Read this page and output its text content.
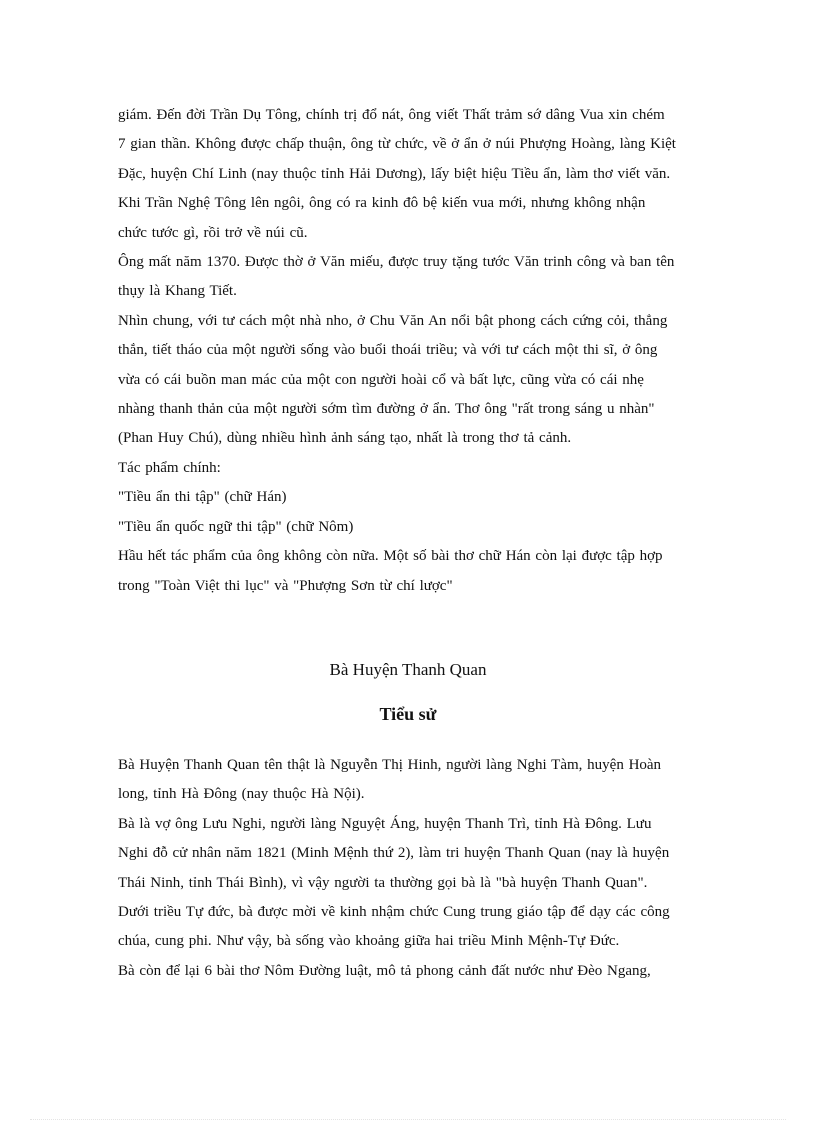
giám. Đến đời Trần Dụ Tông, chính trị đổ nát, ông viết Thất trảm sớ dâng Vua xin chém
7 gian thần. Không được chấp thuận, ông từ chức, về ở ẩn ở núi Phượng Hoàng, làng Kiệt
Đặc, huyện Chí Linh (nay thuộc tỉnh Hải Dương), lấy biệt hiệu Tiều ẩn, làm thơ viết văn.
Khi Trần Nghệ Tông lên ngôi, ông có ra kinh đô bệ kiến vua mới, nhưng không nhận
chức tước gì, rồi trở về núi cũ.
Ông mất năm 1370. Được thờ ở Văn miếu, được truy tặng tước Văn trinh công và ban tên
thụy là Khang Tiết.
Nhìn chung, với tư cách một nhà nho, ở Chu Văn An nổi bật phong cách cứng cỏi, thẳng
thắn, tiết tháo của một người sống vào buổi thoái triều; và với tư cách một thi sĩ, ở ông
vừa có cái buồn man mác của một con người hoài cổ và bất lực, cũng vừa có cái nhẹ
nhàng thanh thản của một người sớm tìm đường ở ẩn. Thơ ông "rất trong sáng u nhàn"
(Phan Huy Chú), dùng nhiều hình ảnh sáng tạo, nhất là trong thơ tả cảnh.
Tác phẩm chính:
"Tiều ẩn thi tập" (chữ Hán)
"Tiều ẩn quốc ngữ thi tập" (chữ Nôm)
Hầu hết tác phẩm của ông không còn nữa. Một số bài thơ chữ Hán còn lại được tập hợp
trong "Toàn Việt thi lục" và "Phượng Sơn từ chí lược"
Bà Huyện Thanh Quan
Tiểu sử
Bà Huyện Thanh Quan tên thật là Nguyễn Thị Hinh, người làng Nghi Tàm, huyện Hoàn
long, tỉnh Hà Đông (nay thuộc Hà Nội).
Bà là vợ ông Lưu Nghi, người làng Nguyệt Áng, huyện Thanh Trì, tỉnh Hà Đông. Lưu
Nghi đỗ cử nhân năm 1821 (Minh Mệnh thứ 2), làm tri huyện Thanh Quan (nay là huyện
Thái Ninh, tỉnh Thái Bình), vì vậy người ta thường gọi bà là "bà huyện Thanh Quan".
Dưới triều Tự đức, bà được mời về kinh nhậm chức Cung trung giáo tập để dạy các công
chúa, cung phi. Như vậy, bà sống vào khoảng giữa hai triều Minh Mệnh-Tự Đức.
Bà còn để lại 6 bài thơ Nôm Đường luật, mô tả phong cảnh đất nước như Đèo Ngang,
